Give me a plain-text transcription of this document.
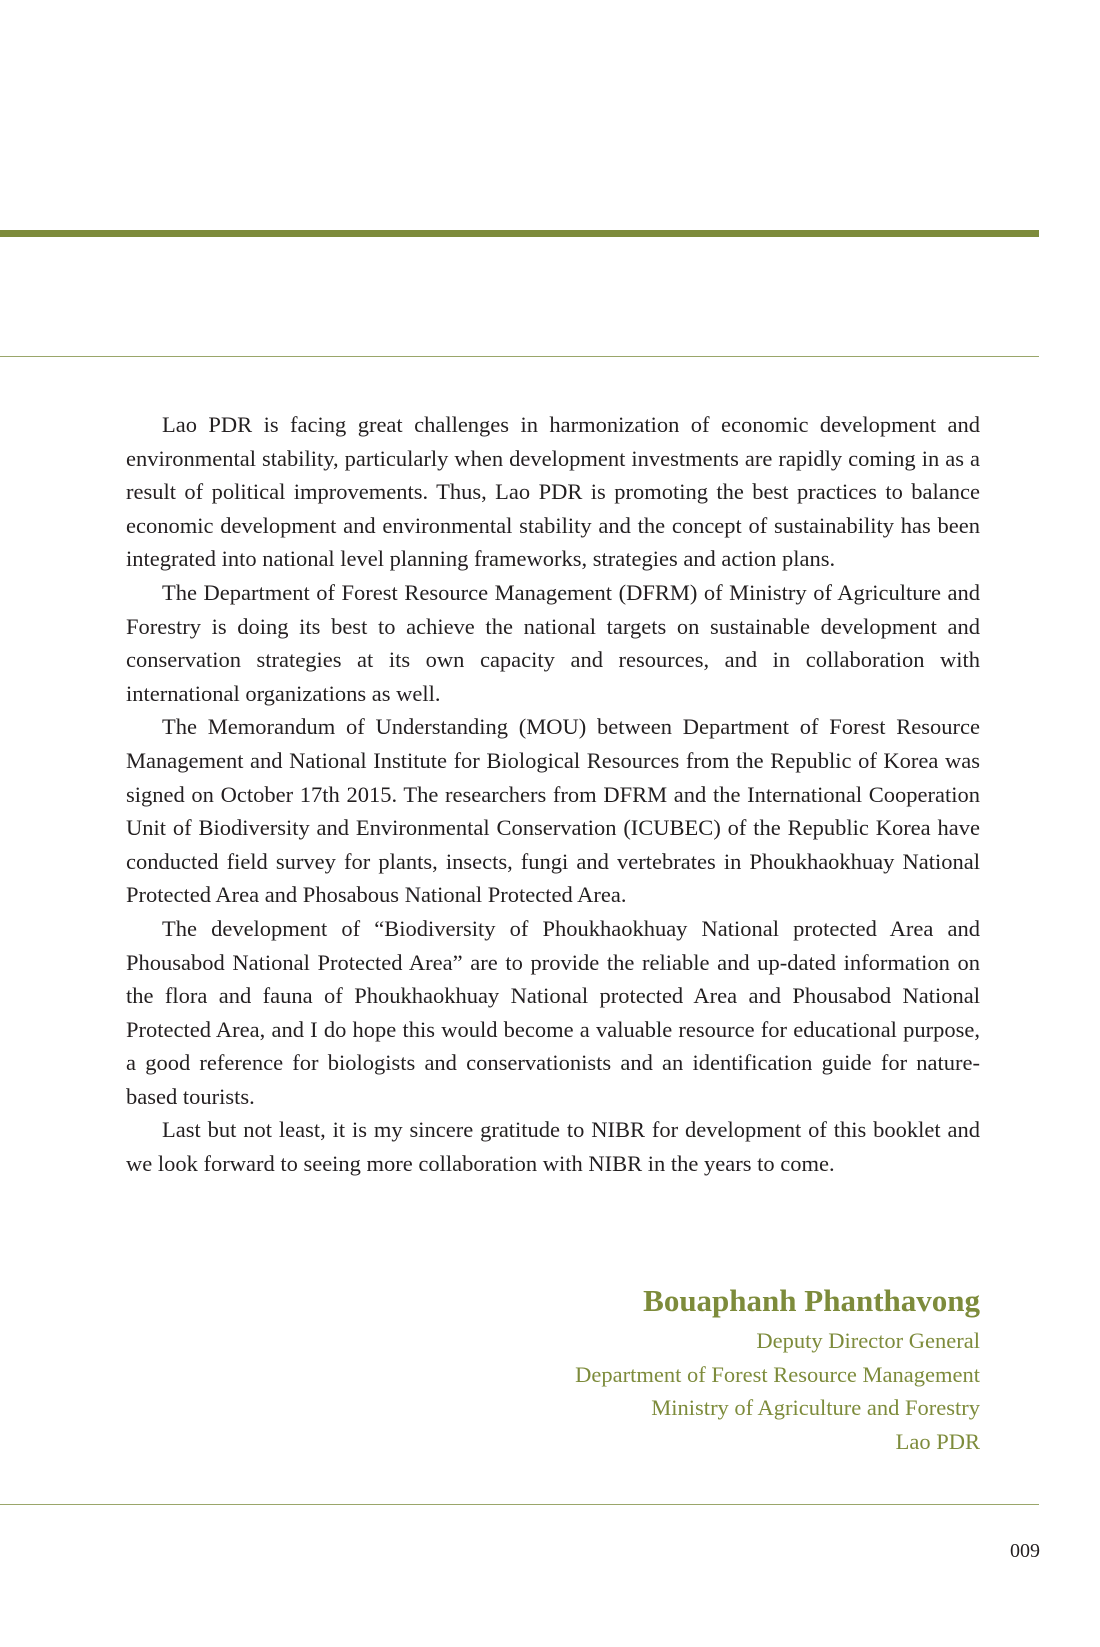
Lao PDR is facing great challenges in harmonization of economic development and environmental stability, particularly when development investments are rapidly coming in as a result of political improvements. Thus, Lao PDR is promoting the best practices to balance economic development and environmental stability and the concept of sustainability has been integrated into national level planning frameworks, strategies and action plans.

The Department of Forest Resource Management (DFRM) of Ministry of Agriculture and Forestry is doing its best to achieve the national targets on sustainable development and conservation strategies at its own capacity and resources, and in collaboration with international organizations as well.

The Memorandum of Understanding (MOU) between Department of Forest Resource Management and National Institute for Biological Resources from the Republic of Korea was signed on October 17th 2015. The researchers from DFRM and the International Cooperation Unit of Biodiversity and Environmental Conservation (ICUBEC) of the Republic Korea have conducted field survey for plants, insects, fungi and vertebrates in Phoukhaokhuay National Protected Area and Phosabous National Protected Area.

The development of “Biodiversity of Phoukhaokhuay National protected Area and Phousabod National Protected Area” are to provide the reliable and up-dated information on the flora and fauna of Phoukhaokhuay National protected Area and Phousabod National Protected Area, and I do hope this would become a valuable resource for educational purpose, a good reference for biologists and conservationists and an identification guide for nature-based tourists.

Last but not least, it is my sincere gratitude to NIBR for development of this booklet and we look forward to seeing more collaboration with NIBR in the years to come.

Bouaphanh Phanthavong
Deputy Director General
Department of Forest Resource Management
Ministry of Agriculture and Forestry
Lao PDR
009
